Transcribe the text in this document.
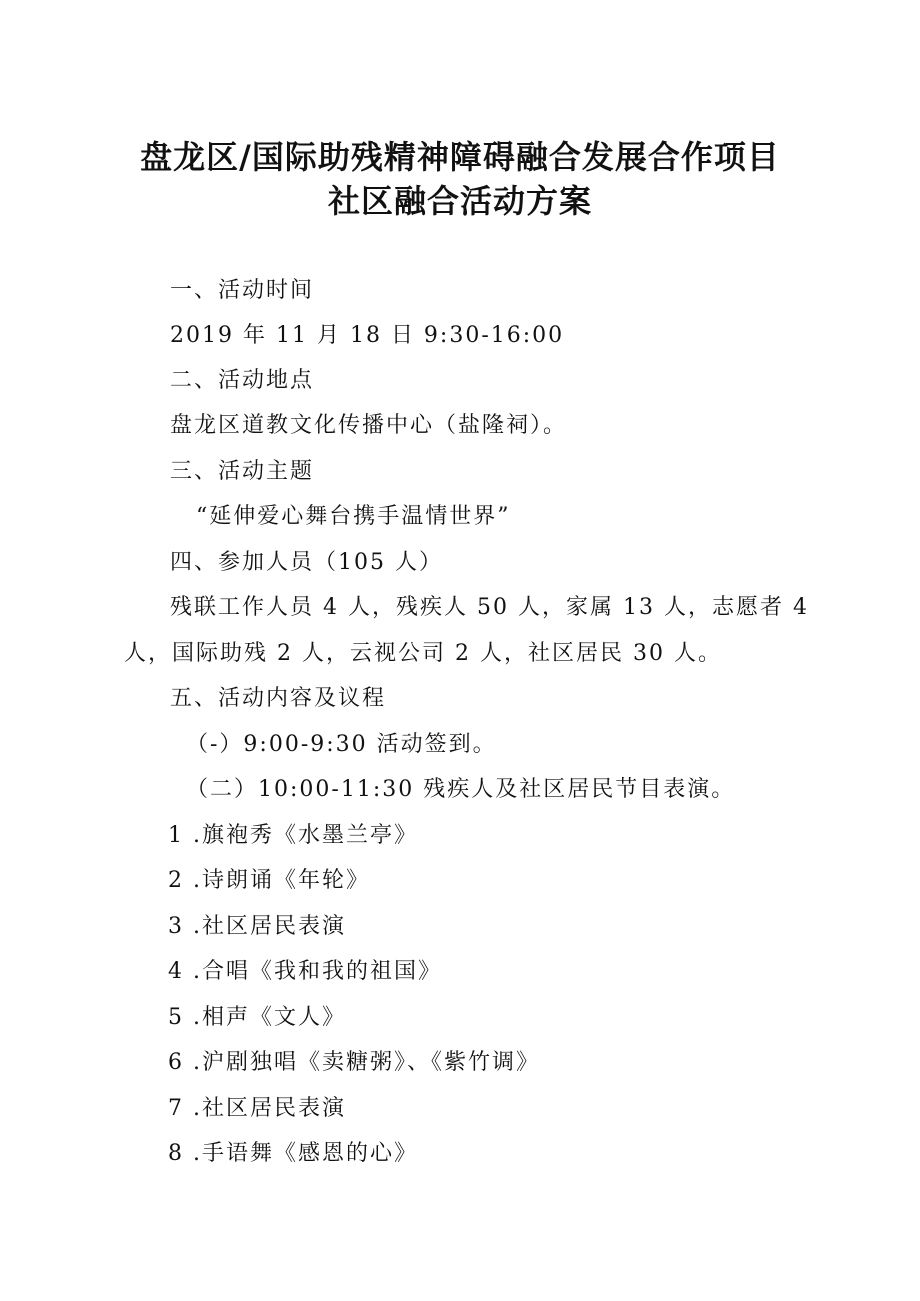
盘龙区/国际助残精神障碍融合发展合作项目
社区融合活动方案
一、活动时间
2019 年 11 月 18 日 9:30-16:00
二、活动地点
盘龙区道教文化传播中心（盐隆祠）。
三、活动主题
“延伸爱心舞台携手温情世界”
四、参加人员（105 人）
残联工作人员 4 人，残疾人 50 人，家属 13 人，志愿者 4
人，国际助残 2 人，云视公司 2 人，社区居民 30 人。
五、活动内容及议程
（-）9:00-9:30 活动签到。
（二）10:00-11:30 残疾人及社区居民节目表演。
1 .旗袍秀《水墨兰亭》
2 .诗朗诵《年轮》
3 .社区居民表演
4 .合唱《我和我的祖国》
5 .相声《文人》
6 .沪剧独唱《卖糖粥》、《紫竹调》
7 .社区居民表演
8 .手语舞《感恩的心》
